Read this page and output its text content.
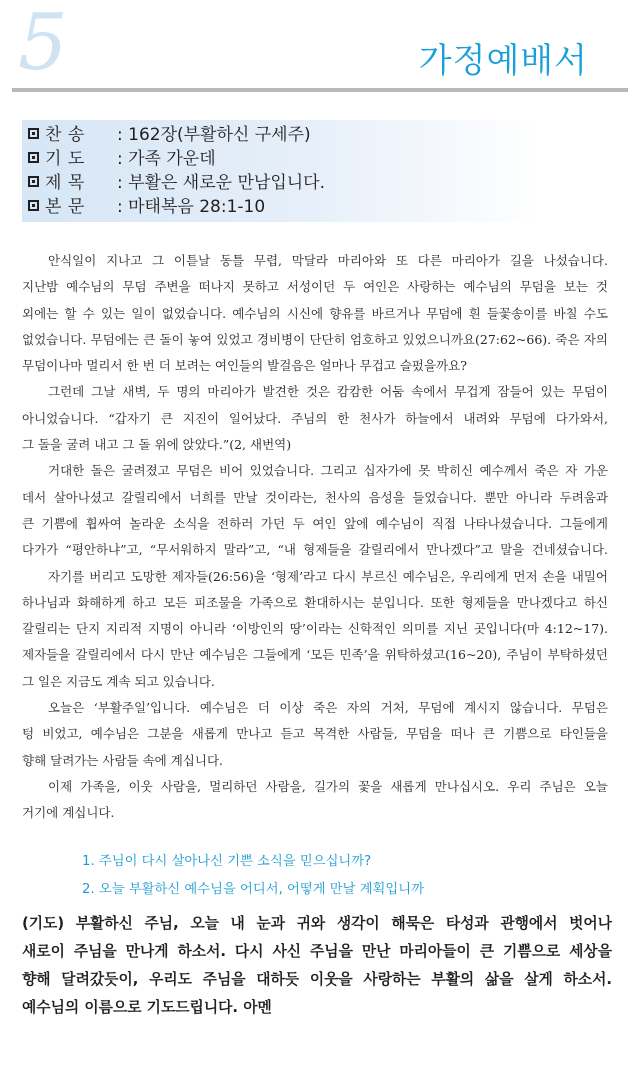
5	가정예배서
찬 송 : 162장(부활하신 구세주)
기 도 : 가족 가운데
제 목 : 부활은 새로운 만남입니다.
본 문 : 마태복음 28:1-10
안식일이 지나고 그 이튿날 동틀 무렵, 막달라 마리아와 또 다른 마리아가 길을 나섰습니다.
지난밤 예수님의 무덤 주변을 떠나지 못하고 서성이던 두 여인은 사랑하는 예수님의 무덤을 보는 것
외에는 할 수 있는 일이 없었습니다. 예수님의 시신에 향유를 바르거나 무덤에 흰 들꽃송이를 바칠 수도
없었습니다. 무덤에는 큰 돌이 놓여 있었고 경비병이 단단히 엄호하고 있었으니까요(27:62~66). 죽은 자의
무덤이나마 멀리서 한 번 더 보려는 여인들의 발걸음은 얼마나 무겁고 슬펐을까요?
그런데 그날 새벽, 두 명의 마리아가 발견한 것은 캄캄한 어둠 속에서 무겁게 잠들어 있는 무덤이
아니었습니다. “갑자기 큰 지진이 일어났다. 주님의 한 천사가 하늘에서 내려와 무덤에 다가와서,
그 돌을 굴려 내고 그 돌 위에 앉았다.”(2, 새번역)
거대한 돌은 굴려졌고 무덤은 비어 있었습니다. 그리고 십자가에 못 박히신 예수께서 죽은 자 가운
데서 살아나셨고 갈릴리에서 너희를 만날 것이라는, 천사의 음성을 들었습니다. 뿐만 아니라 두려움과
큰 기쁨에 휩싸여 놀라운 소식을 전하러 가던 두 여인 앞에 예수님이 직접 나타나셨습니다. 그들에게
다가가 “평안하냐”고, “무서워하지 말라”고, “내 형제들을 갈릴리에서 만나겠다”고 말을 건네셨습니다.
자기를 버리고 도망한 제자들(26:56)을 ‘형제’라고 다시 부르신 예수님은, 우리에게 먼저 손을 내밀어
하나님과 화해하게 하고 모든 피조물을 가족으로 환대하시는 분입니다. 또한 형제들을 만나겠다고 하신
갈릴리는 단지 지리적 지명이 아니라 ‘이방인의 땅’이라는 신학적인 의미를 지닌 곳입니다(마 4:12~17).
제자들을 갈릴리에서 다시 만난 예수님은 그들에게 ‘모든 민족’을 위탁하셨고(16~20), 주님이 부탁하셨던
그 일은 지금도 계속 되고 있습니다.
오늘은 ‘부활주일’입니다. 예수님은 더 이상 죽은 자의 거처, 무덤에 계시지 않습니다. 무덤은
텅 비었고, 예수님은 그분을 새롭게 만나고 듣고 목격한 사람들, 무덤을 떠나 큰 기쁨으로 타인들을
향해 달려가는 사람들 속에 계십니다.
이제 가족을, 이웃 사람을, 멀리하던 사람을, 길가의 꽃을 새롭게 만나십시오. 우리 주님은 오늘
거기에 계십니다.
1. 주님이 다시 살아나신 기쁜 소식을 믿으십니까?
2. 오늘 부활하신 예수님을 어디서, 어떻게 만날 계획입니까
(기도) 부활하신 주님, 오늘 내 눈과 귀와 생각이 해묵은 타성과 관행에서 벗어나
새로이 주님을 만나게 하소서. 다시 사신 주님을 만난 마리아들이 큰 기쁨으로 세상을
향해 달려갔듯이, 우리도 주님을 대하듯 이웃을 사랑하는 부활의 삶을 살게 하소서.
예수님의 이름으로 기도드립니다. 아멘
